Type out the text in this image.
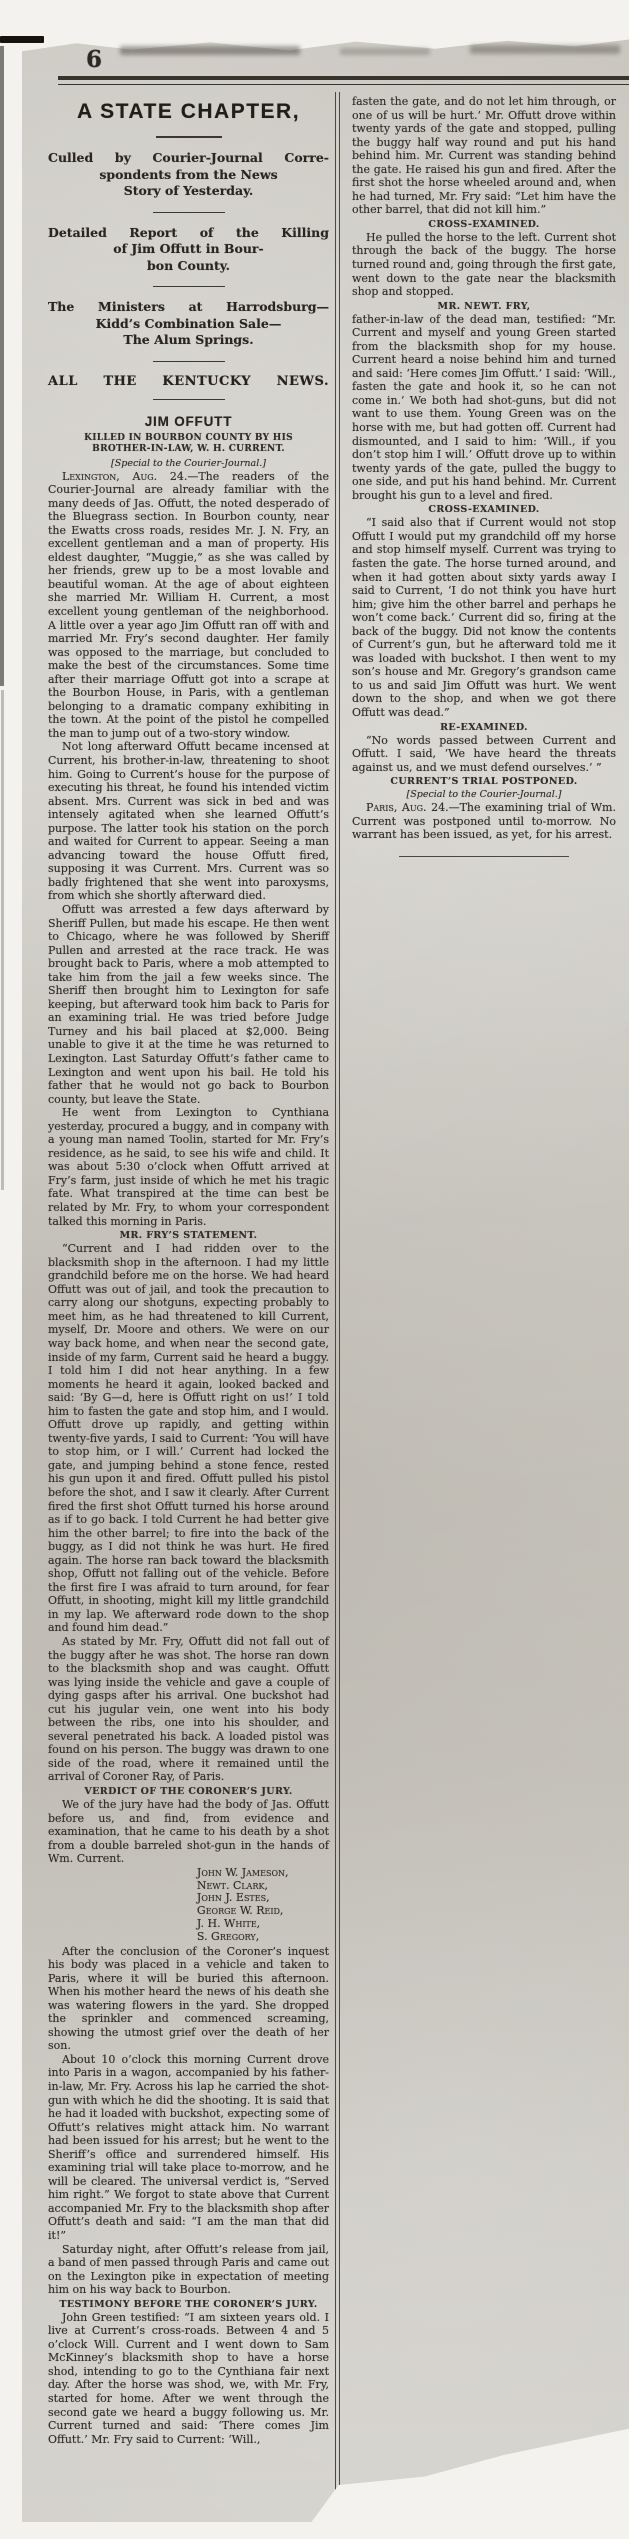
6
A STATE CHAPTER,
Culled by Courier-Journal Corre-
spondents from the News
Story of Yesterday.
Detailed Report of the Killing
of Jim Offutt in Bour-
bon County.
The Ministers at Harrodsburg—
Kidd’s Combination Sale—
The Alum Springs.
ALL THE KENTUCKY NEWS.
JIM OFFUTT
KILLED IN BOURBON COUNTY BY HIS BROTHER-IN-LAW, W. H. CURRENT.
[Special to the Courier-Journal.]

Lexington, Aug. 24.—The readers of the Courier-Journal are already familiar with the many deeds of Jas. Offutt, the noted desperado of the Bluegrass section. In Bourbon county, near the Ewatts cross roads, resides Mr. J. N. Fry, an excellent gentleman and a man of property. His eldest daughter, “Muggie,” as she was called by her friends, grew up to be a most lovable and beautiful woman. At the age of about eighteen she married Mr. William H. Current, a most excellent young gentleman of the neighborhood. A little over a year ago Jim Offutt ran off with and married Mr. Fry’s second daughter. Her family was opposed to the marriage, but concluded to make the best of the circumstances. Some time after their marriage Offutt got into a scrape at the Bourbon House, in Paris, with a gentleman belonging to a dramatic company exhibiting in the town. At the point of the pistol he compelled the man to jump out of a two-story window.

Not long afterward Offutt became incensed at Current, his brother-in-law, threatening to shoot him. Going to Current’s house for the purpose of executing his threat, he found his intended victim absent. Mrs. Current was sick in bed and was intensely agitated when she learned Offutt’s purpose. The latter took his station on the porch and waited for Current to appear. Seeing a man advancing toward the house Offutt fired, supposing it was Current. Mrs. Current was so badly frightened that she went into paroxysms, from which she shortly afterward died.

Offutt was arrested a few days afterward by Sheriff Pullen, but made his escape. He then went to Chicago, where he was followed by Sheriff Pullen and arrested at the race track. He was brought back to Paris, where a mob attempted to take him from the jail a few weeks since. The Sheriff then brought him to Lexington for safe keeping, but afterward took him back to Paris for an examining trial. He was tried before Judge Turney and his bail placed at $2,000. Being unable to give it at the time he was returned to Lexington. Last Saturday Offutt’s father came to Lexington and went upon his bail. He told his father that he would not go back to Bourbon county, but leave the State.

He went from Lexington to Cynthiana yesterday, procured a buggy, and in company with a young man named Toolin, started for Mr. Fry’s residence, as he said, to see his wife and child. It was about 5:30 o’clock when Offutt arrived at Fry’s farm, just inside of which he met his tragic fate. What transpired at the time can best be related by Mr. Fry, to whom your correspondent talked this morning in Paris.

MR. FRY’S STATEMENT.

“Current and I had ridden over to the blacksmith shop in the afternoon. I had my little grandchild before me on the horse. We had heard Offutt was out of jail, and took the precaution to carry along our shotguns, expecting probably to meet him, as he had threatened to kill Current, myself, Dr. Moore and others. We were on our way back home, and when near the second gate, inside of my farm, Current said he heard a buggy. I told him I did not hear anything. In a few moments he heard it again, looked backed and said: ‘By G—d, here is Offutt right on us!’ I told him to fasten the gate and stop him, and I would. Offutt drove up rapidly, and getting within twenty-five yards, I said to Current: ‘You will have to stop him, or I will.’ Current had locked the gate, and jumping behind a stone fence, rested his gun upon it and fired. Offutt pulled his pistol before the shot, and I saw it clearly. After Current fired the first shot Offutt turned his horse around as if to go back. I told Current he had better give him the other barrel; to fire into the back of the buggy, as I did not think he was hurt. He fired again. The horse ran back toward the blacksmith shop, Offutt not falling out of the vehicle. Before the first fire I was afraid to turn around, for fear Offutt, in shooting, might kill my little grandchild in my lap. We afterward rode down to the shop and found him dead.”

As stated by Mr. Fry, Offutt did not fall out of the buggy after he was shot. The horse ran down to the blacksmith shop and was caught. Offutt was lying inside the vehicle and gave a couple of dying gasps after his arrival. One buckshot had cut his jugular vein, one went into his body between the ribs, one into his shoulder, and several penetrated his back. A loaded pistol was found on his person. The buggy was drawn to one side of the road, where it remained until the arrival of Coroner Ray, of Paris.

VERDICT OF THE CORONER’S JURY.

We of the jury have had the body of Jas. Offutt before us, and find, from evidence and examination, that he came to his death by a shot from a double barreled shot-gun in the hands of Wm. Current.

John W. Jameson,
Newt. Clark,
John J. Estes,
George W. Reid,
J. H. White,
S. Gregory,

After the conclusion of the Coroner’s inquest his body was placed in a vehicle and taken to Paris, where it will be buried this afternoon. When his mother heard the news of his death she was watering flowers in the yard. She dropped the sprinkler and commenced screaming, showing the utmost grief over the death of her son.

About 10 o’clock this morning Current drove into Paris in a wagon, accompanied by his father-in-law, Mr. Fry. Across his lap he carried the shot-gun with which he did the shooting. It is said that he had it loaded with buckshot, expecting some of Offutt’s relatives might attack him. No warrant had been issued for his arrest; but he went to the Sheriff’s office and surrendered himself. His examining trial will take place to-morrow, and he will be cleared. The universal verdict is, “Served him right.” We forgot to state above that Current accompanied Mr. Fry to the blacksmith shop after Offutt’s death and said: “I am the man that did it!”

Saturday night, after Offutt’s release from jail, a band of men passed through Paris and came out on the Lexington pike in expectation of meeting him on his way back to Bourbon.

TESTIMONY BEFORE THE CORONER’S JURY.

John Green testified: “I am sixteen years old. I live at Current’s cross-roads. Between 4 and 5 o’clock Will. Current and I went down to Sam McKinney’s blacksmith shop to have a horse shod, intending to go to the Cynthiana fair next day. After the horse was shod, we, with Mr. Fry, started for home. After we went through the second gate we heard a buggy following us. Mr. Current turned and said: ‘There comes Jim Offutt.’ Mr. Fry said to Current: ‘Will.,

fasten the gate, and do not let him through, or one of us will be hurt.’ Mr. Offutt drove within twenty yards of the gate and stopped, pulling the buggy half way round and put his hand behind him. Mr. Current was standing behind the gate. He raised his gun and fired. After the first shot the horse wheeled around and, when he had turned, Mr. Fry said: “Let him have the other barrel, that did not kill him.”

CROSS-EXAMINED.

He pulled the horse to the left. Current shot through the back of the buggy. The horse turned round and, going through the first gate, went down to the gate near the blacksmith shop and stopped.

MR. NEWT. FRY,

father-in-law of the dead man, testified: “Mr. Current and myself and young Green started from the blacksmith shop for my house. Current heard a noise behind him and turned and said: ‘Here comes Jim Offutt.’ I said: ‘Will., fasten the gate and hook it, so he can not come in.’ We both had shot-guns, but did not want to use them. Young Green was on the horse with me, but had gotten off. Current had dismounted, and I said to him: ‘Will., if you don’t stop him I will.’ Offutt drove up to within twenty yards of the gate, pulled the buggy to one side, and put his hand behind. Mr. Current brought his gun to a level and fired.

CROSS-EXAMINED.

“I said also that if Current would not stop Offutt I would put my grandchild off my horse and stop himself myself. Current was trying to fasten the gate. The horse turned around, and when it had gotten about sixty yards away I said to Current, ‘I do not think you have hurt him; give him the other barrel and perhaps he won’t come back.’ Current did so, firing at the back of the buggy. Did not know the contents of Current’s gun, but he afterward told me it was loaded with buckshot. I then went to my son’s house and Mr. Gregory’s grandson came to us and said Jim Offutt was hurt. We went down to the shop, and when we got there Offutt was dead.”

RE-EXAMINED.

“No words passed between Current and Offutt. I said, ‘We have heard the threats against us, and we must defend ourselves.’ ”

CURRENT’S TRIAL POSTPONED.
[Special to the Courier-Journal.]

Paris, Aug. 24.—The examining trial of Wm. Current was postponed until to-morrow. No warrant has been issued, as yet, for his arrest.
